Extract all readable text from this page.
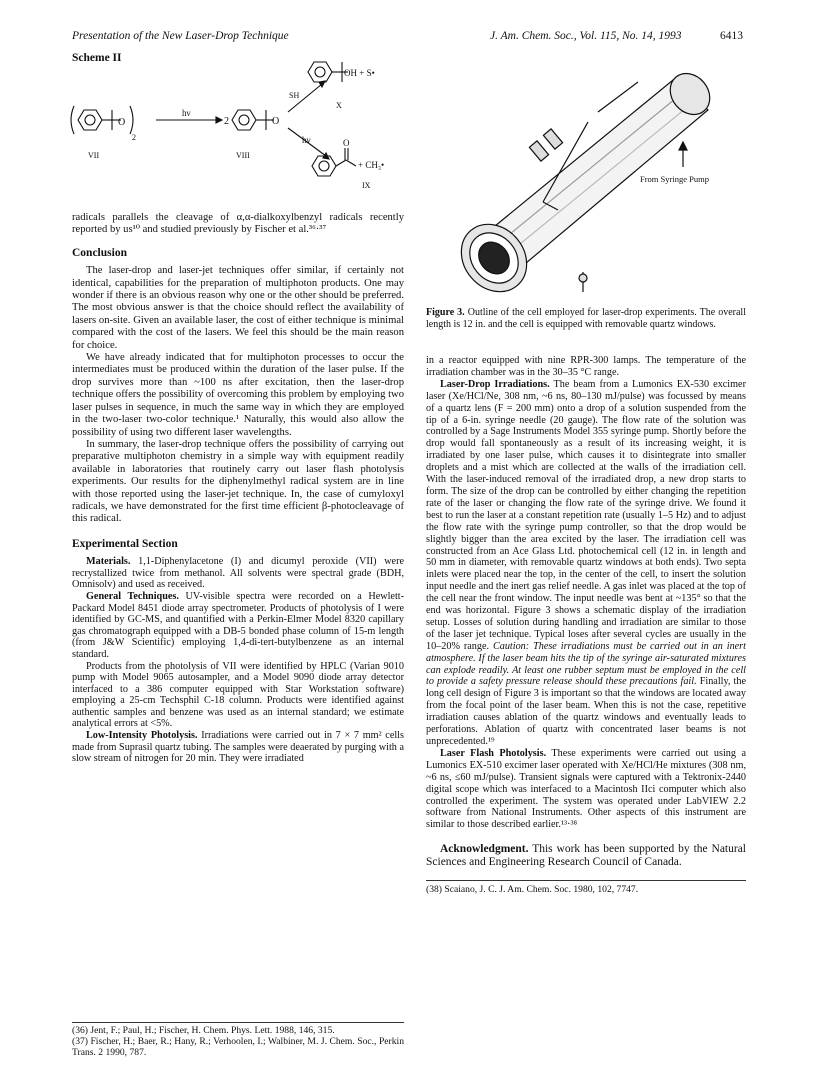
Presentation of the New Laser-Drop Technique	J. Am. Chem. Soc., Vol. 115, No. 14, 1993	6413
Scheme II
O
2
hν
2	O
SH
hν
OH + S•
X
O
+ CH₃•
IX
VII	VIII

radicals parallels the cleavage of α,α-dialkoxylbenzyl radicals recently reported by us¹⁰ and studied previously by Fischer et al.³⁶·³⁷

Conclusion

The laser-drop and laser-jet techniques offer similar, if certainly not identical, capabilities for the preparation of multiphoton products. One may wonder if there is an obvious reason why one or the other should be preferred. The most obvious answer is that the choice should reflect the availability of lasers on-site. Given an available laser, the cost of either technique is minimal compared with the cost of the lasers. We feel this should be the main reason for choice.

We have already indicated that for multiphoton processes to occur the intermediates must be produced within the duration of the laser pulse. If the drop survives more than ~100 ns after excitation, then the laser-drop technique offers the possibility of overcoming this problem by employing two laser pulses in sequence, in much the same way in which they are employed in the two-laser two-color technique.¹ Naturally, this would also allow the possibility of using two different laser wavelengths.

In summary, the laser-drop technique offers the possibility of carrying out preparative multiphoton chemistry in a simple way with equipment readily available in laboratories that routinely carry out laser flash photolysis experiments. Our results for the diphenylmethyl radical system are in line with those reported using the laser-jet technique. In, the case of cumyloxyl radicals, we have demonstrated for the first time efficient β-photocleavage of this radical.

Experimental Section

Materials. 1,1-Diphenylacetone (I) and dicumyl peroxide (VII) were recrystallized twice from methanol. All solvents were spectral grade (BDH, Omnisolv) and used as received.

General Techniques. UV-visible spectra were recorded on a Hewlett-Packard Model 8451 diode array spectrometer. Products of photolysis of I were identified by GC-MS, and quantified with a Perkin-Elmer Model 8320 capillary gas chromatograph equipped with a DB-5 bonded phase column of 15-m length (from J&W Scientific) employing 1,4-di-tert-butylbenzene as an internal standard.

Products from the photolysis of VII were identified by HPLC (Varian 9010 pump with Model 9065 autosampler, and a Model 9090 diode array detector interfaced to a 386 computer equipped with Star Workstation software) employing a 25-cm Techsphil C-18 column. Products were identified against authentic samples and benzene was used as an internal standard; we estimate analytical errors at <5%.

Low-Intensity Photolysis. Irradiations were carried out in 7 × 7 mm² cells made from Suprasil quartz tubing. The samples were deaerated by purging with a slow stream of nitrogen for 20 min. They were irradiated

(36) Jent, F.; Paul, H.; Fischer, H. Chem. Phys. Lett. 1988, 146, 315.

(37) Fischer, H.; Baer, R.; Hany, R.; Verhoolen, I.; Walbiner, M. J. Chem. Soc., Perkin Trans. 2 1990, 787.

From Syringe Pump

Figure 3. Outline of the cell employed for laser-drop experiments. The overall length is 12 in. and the cell is equipped with removable quartz windows.

in a reactor equipped with nine RPR-300 lamps. The temperature of the irradiation chamber was in the 30–35 °C range.

Laser-Drop Irradiations. The beam from a Lumonics EX-530 excimer laser (Xe/HCl/Ne, 308 nm, ~6 ns, 80–130 mJ/pulse) was focussed by means of a quartz lens (F = 200 mm) onto a drop of a solution suspended from the tip of a 6-in. syringe needle (20 gauge). The flow rate of the solution was controlled by a Sage Instruments Model 355 syringe pump. Shortly before the drop would fall spontaneously as a result of its increasing weight, it is irradiated by one laser pulse, which causes it to disintegrate into smaller droplets and a mist which are collected at the walls of the irradiation cell. With the laser-induced removal of the irradiated drop, a new drop starts to form. The size of the drop can be controlled by either changing the repetition rate of the laser or changing the flow rate of the syringe drive. We found it best to run the laser at a constant repetition rate (usually 1–5 Hz) and to adjust the flow rate with the syringe pump controller, so that the drop would be slightly bigger than the area excited by the laser. The irradiation cell was constructed from an Ace Glass Ltd. photochemical cell (12 in. in length and 50 mm in diameter, with removable quartz windows at both ends). Two septa inlets were placed near the top, in the center of the cell, to insert the solution input needle and the inert gas relief needle. A gas inlet was placed at the top of the cell near the front window. The input needle was bent at ~135° so that the end was horizontal. Figure 3 shows a schematic display of the irradiation setup. Losses of solution during handling and irradiation are similar to those of the laser jet technique. Typical loses after several cycles are usually in the 10–20% range. Caution: These irradiations must be carried out in an inert atmosphere. If the laser beam hits the tip of the syringe air-saturated mixtures can explode readily. At least one rubber septum must be employed in the cell to provide a safety pressure release should these precautions fail. Finally, the long cell design of Figure 3 is important so that the windows are located away from the focal point of the laser beam. When this is not the case, repetitive irradiation causes ablation of the quartz windows and eventually leads to perforations. Ablation of quartz with concentrated laser beams is not unprecedented.¹⁹

Laser Flash Photolysis. These experiments were carried out using a Lumonics EX-510 excimer laser operated with Xe/HCl/He mixtures (308 nm, ~6 ns, ≤60 mJ/pulse). Transient signals were captured with a Tektronix-2440 digital scope which was interfaced to a Macintosh IIci computer which also controlled the experiment. The system was operated under LabVIEW 2.2 software from National Instruments. Other aspects of this instrument are similar to those described earlier.¹³·³⁸

Acknowledgment. This work has been supported by the Natural Sciences and Engineering Research Council of Canada.

(38) Scaiano, J. C. J. Am. Chem. Soc. 1980, 102, 7747.
